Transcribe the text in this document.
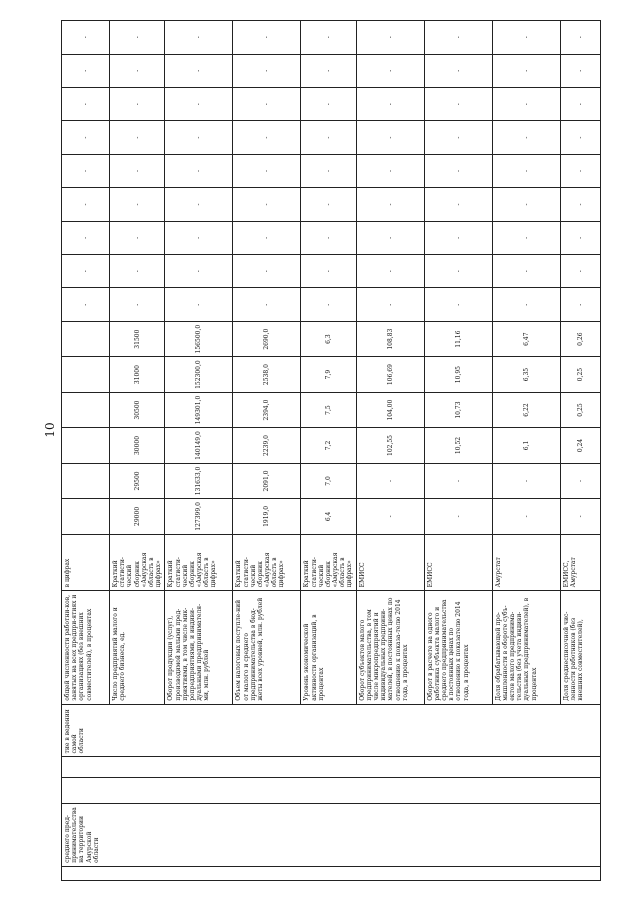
10
	среднего пред-принимательства на территории Амурской области			тие в ведении самой области	общей численности работни-ков, занятых на всех предпри-ятиях и организациях (без внешних совместителей), в процентах	в цифрах							-	-	-	-	-	-	-	-	-
					Число предприятий малого и среднего бизнеса, ед.	Краткий статисти-ческий сборник «Амурская область в цифрах»	29000	29500	30000	30500	31000	31500	-	-	-	-	-	-	-	-	-
					Оборот продукции (услуг), производимой малыми пред-приятиями, в том числе мик-ропредприятиями, и индиви-дуальными предпринимателя-ми, млн. рублей	Краткий статисти-ческий сборник «Амурская область в цифрах»	127399,0	131633,0	140149,0	149301,0	152300,0	156500,0	-	-	-	-	-	-	-	-	-
					Объем налоговых поступле-ний от малого и среднего предпринимательства в бюд-жеты всех уровней, млн. рублей	Краткий статисти-ческий сборник «Амурская область в цифрах»	1919,0	2091,0	2239,0	2394,0	2538,0	2690,0	-	-	-	-	-	-	-	-	-
					Уровень экономической активности организаций, в процентах	Краткий статисти-ческий сборник «Амурская область в цифрах»	6,4	7,0	7,2	7,5	7,9	6,3	-	-	-	-	-	-	-	-	-
					Оборот субъектов малого предпринимательства, в том числе микропредприятий и индивидуальных предприни-мателей, в постоянных ценах по отношению к показа-телю 2014 года, в процентах	ЕМИСС	-	-	102,55	104,00	106,69	108,83	-	-	-	-	-	-	-	-	-
					Оборот в расчете на одного работника субъекта малого и среднего предпринимательства в постоянных ценах по отношению к показателю 2014 года, в процентах	ЕМИСС	-	-	10,52	10,73	10,95	11,16	-	-	-	-	-	-	-	-	-
					Доля обрабатывающей про-мышленности в обороте субъ-ектов малого предпринима-тельства (без учета индиви-дуальных предпринимателей), в процентах	Амурстат	-	-	6,1	6,22	6,35	6,47	-	-	-	-	-	-	-	-	-
					Доля среднесписочной чис-ленности работников (без внешних совместителей),	ЕМИСС, Амурстат	-	-	0,24	0,25	0,25	0,26	-	-	-	-	-	-	-	-	-
